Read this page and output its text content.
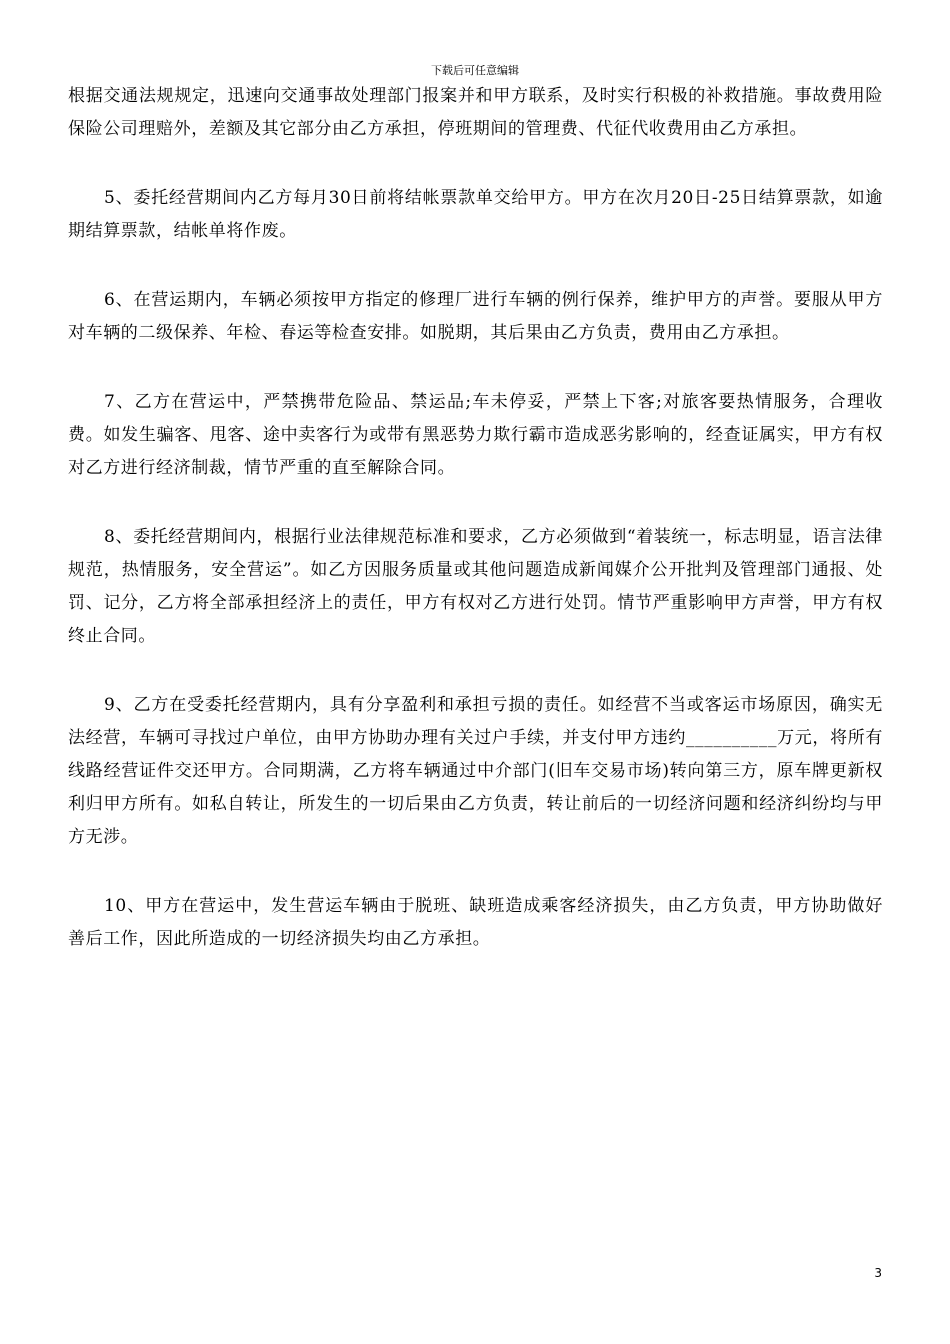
下载后可任意编辑

根据交通法规规定，迅速向交通事故处理部门报案并和甲方联系，及时实行积极的补救措施。事故费用险保险公司理赔外，差额及其它部分由乙方承担，停班期间的管理费、代征代收费用由乙方承担。

5、委托经营期间内乙方每月30日前将结帐票款单交给甲方。甲方在次月20日-25日结算票款，如逾期结算票款，结帐单将作废。

6、在营运期内，车辆必须按甲方指定的修理厂进行车辆的例行保养，维护甲方的声誉。要服从甲方对车辆的二级保养、年检、春运等检查安排。如脱期，其后果由乙方负责，费用由乙方承担。

7、乙方在营运中，严禁携带危险品、禁运品;车未停妥，严禁上下客;对旅客要热情服务，合理收费。如发生骗客、甩客、途中卖客行为或带有黑恶势力欺行霸市造成恶劣影响的，经查证属实，甲方有权对乙方进行经济制裁，情节严重的直至解除合同。

8、委托经营期间内，根据行业法律规范标准和要求，乙方必须做到“着装统一，标志明显，语言法律规范，热情服务，安全营运”。如乙方因服务质量或其他问题造成新闻媒介公开批判及管理部门通报、处罚、记分，乙方将全部承担经济上的责任，甲方有权对乙方进行处罚。情节严重影响甲方声誉，甲方有权终止合同。

9、乙方在受委托经营期内，具有分享盈利和承担亏损的责任。如经营不当或客运市场原因，确实无法经营，车辆可寻找过户单位，由甲方协助办理有关过户手续，并支付甲方违约__________万元，将所有线路经营证件交还甲方。合同期满，乙方将车辆通过中介部门(旧车交易市场)转向第三方，原车牌更新权利归甲方所有。如私自转让，所发生的一切后果由乙方负责，转让前后的一切经济问题和经济纠纷均与甲方无涉。

10、甲方在营运中，发生营运车辆由于脱班、缺班造成乘客经济损失，由乙方负责，甲方协助做好善后工作，因此所造成的一切经济损失均由乙方承担。

3
